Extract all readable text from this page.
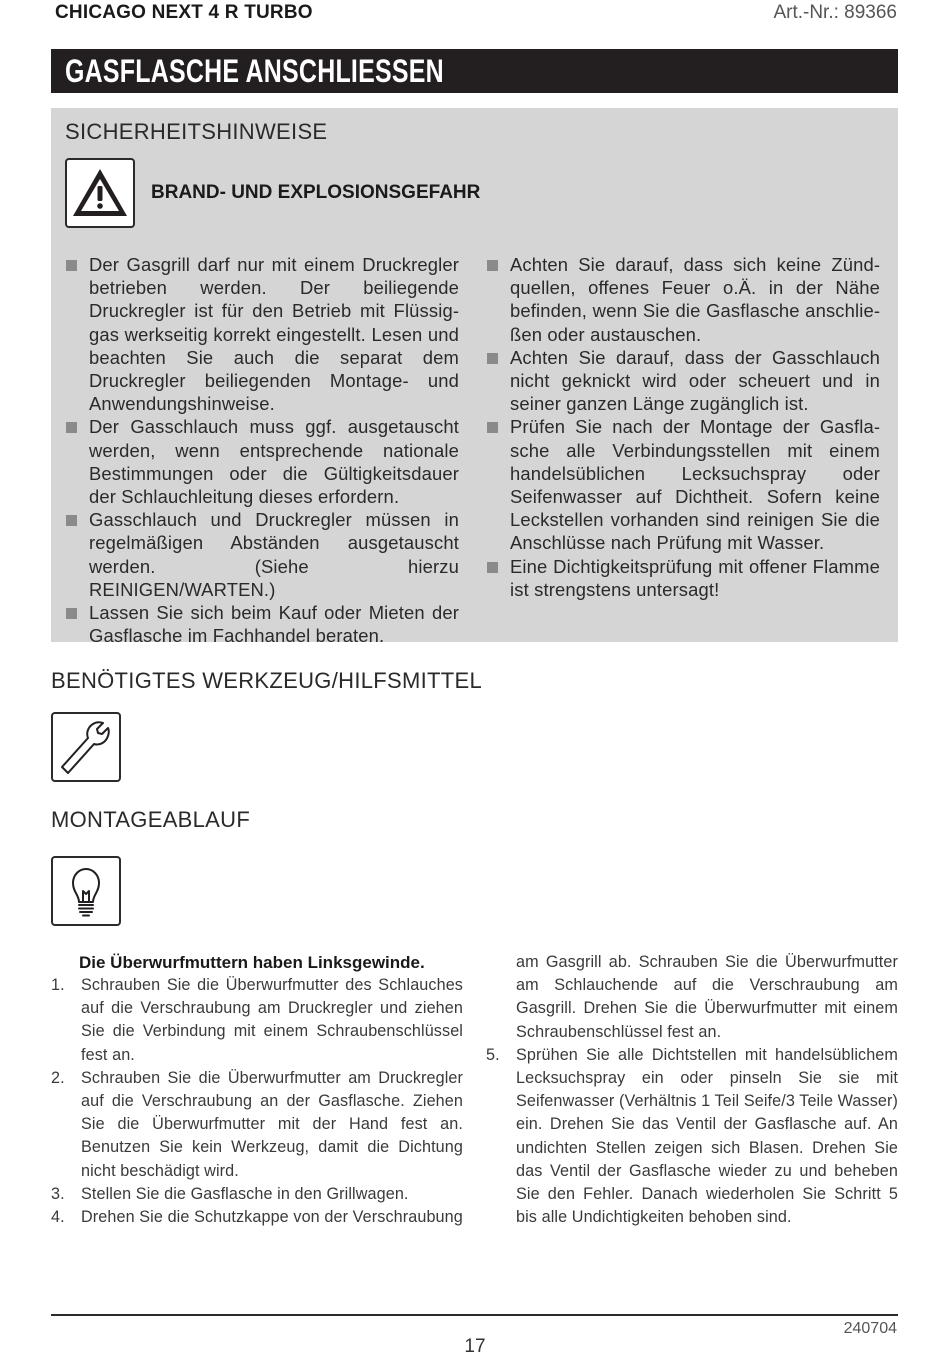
CHICAGO NEXT 4 R TURBO	Art.-Nr.: 89366
GASFLASCHE ANSCHLIESSEN
SICHERHEITSHINWEISE
BRAND- UND EXPLOSIONSGEFAHR
Der Gasgrill darf nur mit einem Druckregler betrieben werden. Der beiliegende Druckregler ist für den Betrieb mit Flüssiggas werkseitig korrekt eingestellt. Lesen und beachten Sie auch die separat dem Druckregler beiliegenden Montage- und Anwendungshinweise.
Der Gasschlauch muss ggf. ausgetauscht werden, wenn entsprechende nationale Bestimmungen oder die Gültigkeitsdauer der Schlauchleitung dieses erfordern.
Gasschlauch und Druckregler müssen in regelmäßigen Abständen ausgetauscht werden. (Siehe hierzu REINIGEN/WARTEN.)
Lassen Sie sich beim Kauf oder Mieten der Gasflasche im Fachhandel beraten.
Achten Sie darauf, dass sich keine Zündquellen, offenes Feuer o.Ä. in der Nähe befinden, wenn Sie die Gasflasche anschließen oder austauschen.
Achten Sie darauf, dass der Gasschlauch nicht geknickt wird oder scheuert und in seiner ganzen Länge zugänglich ist.
Prüfen Sie nach der Montage der Gasflasche alle Verbindungsstellen mit einem handelsüblichen Lecksuchspray oder Seifenwasser auf Dichtheit. Sofern keine Leckstellen vorhanden sind reinigen Sie die Anschlüsse nach Prüfung mit Wasser.
Eine Dichtigkeitsprüfung mit offener Flamme ist strengstens untersagt!
BENÖTIGTES WERKZEUG/HILFSMITTEL
MONTAGEABLAUF
Die Überwurfmuttern haben Linksgewinde.
1. Schrauben Sie die Überwurfmutter des Schlauches auf die Verschraubung am Druckregler und ziehen Sie die Verbindung mit einem Schraubenschlüssel fest an.
2. Schrauben Sie die Überwurfmutter am Druckregler auf die Verschraubung an der Gasflasche. Ziehen Sie die Überwurfmutter mit der Hand fest an. Benutzen Sie kein Werkzeug, damit die Dichtung nicht beschädigt wird.
3. Stellen Sie die Gasflasche in den Grillwagen.
4. Drehen Sie die Schutzkappe von der Verschraubung
am Gasgrill ab. Schrauben Sie die Überwurfmutter am Schlauchende auf die Verschraubung am Gasgrill. Drehen Sie die Überwurfmutter mit einem Schraubenschlüssel fest an.
5. Sprühen Sie alle Dichtstellen mit handelsüblichem Lecksuchspray ein oder pinseln Sie sie mit Seifenwasser (Verhältnis 1 Teil Seife/3 Teile Wasser) ein. Drehen Sie das Ventil der Gasflasche auf. An undichten Stellen zeigen sich Blasen. Drehen Sie das Ventil der Gasflasche wieder zu und beheben Sie den Fehler. Danach wiederholen Sie Schritt 5 bis alle Undichtigkeiten behoben sind.
240704
17
